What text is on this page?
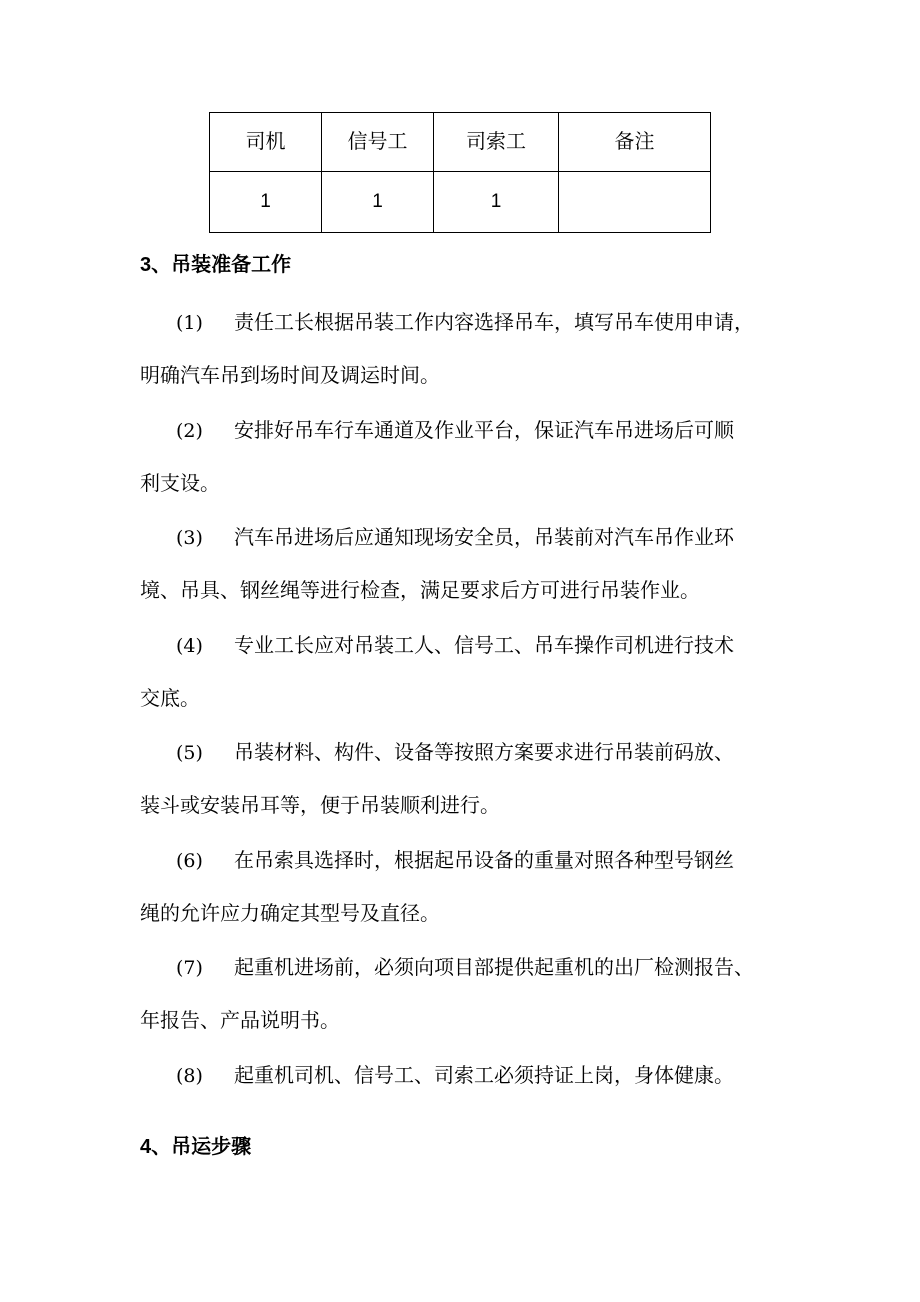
司机	信号工	司索工	备注
1	1	1	
3、吊装准备工作
(1) 责任工长根据吊装工作内容选择吊车，填写吊车使用申请，
明确汽车吊到场时间及调运时间。
(2) 安排好吊车行车通道及作业平台，保证汽车吊进场后可顺
利支设。
(3) 汽车吊进场后应通知现场安全员，吊装前对汽车吊作业环
境、吊具、钢丝绳等进行检查，满足要求后方可进行吊装作业。
(4) 专业工长应对吊装工人、信号工、吊车操作司机进行技术
交底。
(5) 吊装材料、构件、设备等按照方案要求进行吊装前码放、
装斗或安装吊耳等，便于吊装顺利进行。
(6) 在吊索具选择时，根据起吊设备的重量对照各种型号钢丝
绳的允许应力确定其型号及直径。
(7) 起重机进场前，必须向项目部提供起重机的出厂检测报告、
年报告、产品说明书。
(8) 起重机司机、信号工、司索工必须持证上岗，身体健康。
4、吊运步骤
